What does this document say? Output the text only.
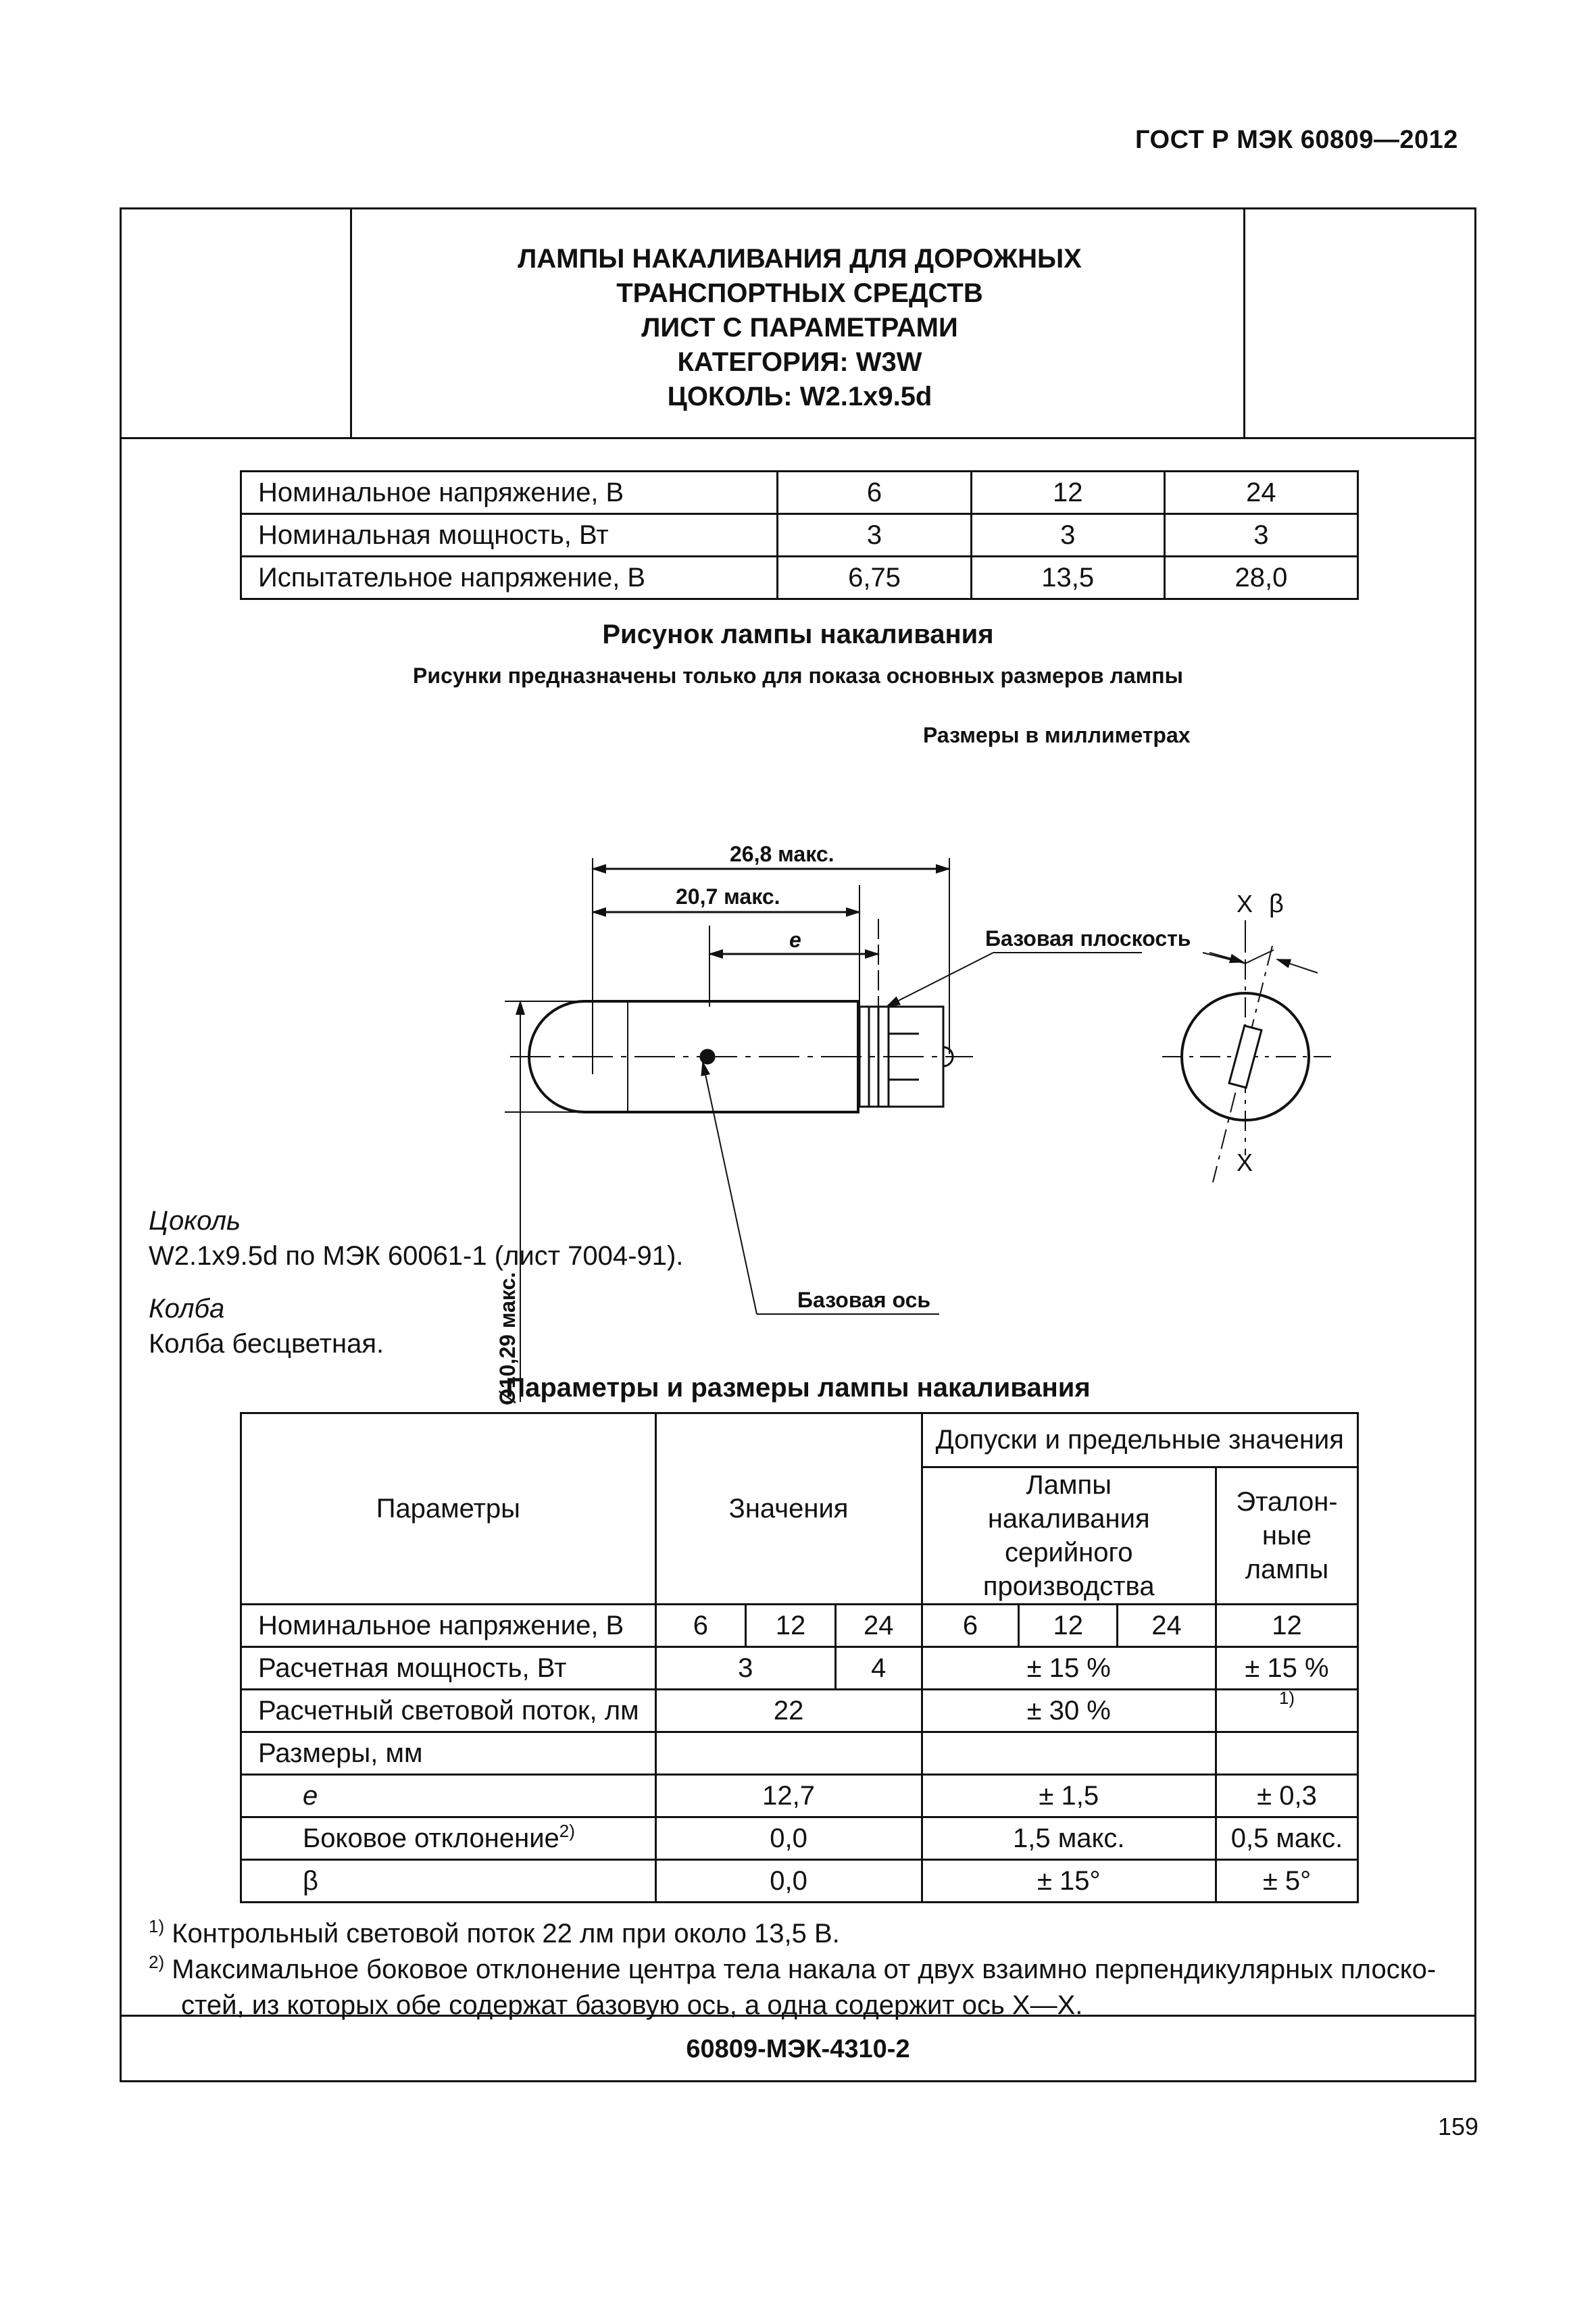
ГОСТ Р МЭК 60809—2012
ЛАМПЫ НАКАЛИВАНИЯ ДЛЯ ДОРОЖНЫХ
ТРАНСПОРТНЫХ СРЕДСТВ
ЛИСТ С ПАРАМЕТРАМИ
КАТЕГОРИЯ: W3W
ЦОКОЛЬ: W2.1x9.5d
Номинальное напряжение, В	6	12	24
Номинальная мощность, Вт	3	3	3
Испытательное напряжение, В	6,75	13,5	28,0
Рисунок лампы накаливания
Рисунки предназначены только для показа основных размеров лампы
Размеры в миллиметрах
26,8 макс.
20,7 макс.
e	Базовая плоскость
Базовая ось
Ø10,29 макс.
X β
X
Цоколь
W2.1x9.5d по МЭК 60061-1 (лист 7004-91).
Колба
Колба бесцветная.
Параметры и размеры лампы накаливания
Параметры	Значения			Допуски и предельные значения			
				Лампы накаливания серийного производства			Эталон-ные лампы
Номинальное напряжение, В	6	12	24	6	12	24	12
Расчетная мощность, Вт	3		4	± 15 %			± 15 %
Расчетный световой поток, лм	22			± 30 %			$^{1)}$
Размеры, мм							
e	12,7			± 1,5			± 0,3
Боковое отклонение$^{2)}$	0,0			1,5 макс.			0,5 макс.
β	0,0			± 15°			± 5°
$^{1)}$ Контрольный световой поток 22 лм при около 13,5 В.
$^{2)}$ Максимальное боковое отклонение центра тела накала от двух взаимно перпендикулярных плоско-
стей, из которых обе содержат базовую ось, а одна содержит ось X—X.
60809-МЭК-4310-2
159
